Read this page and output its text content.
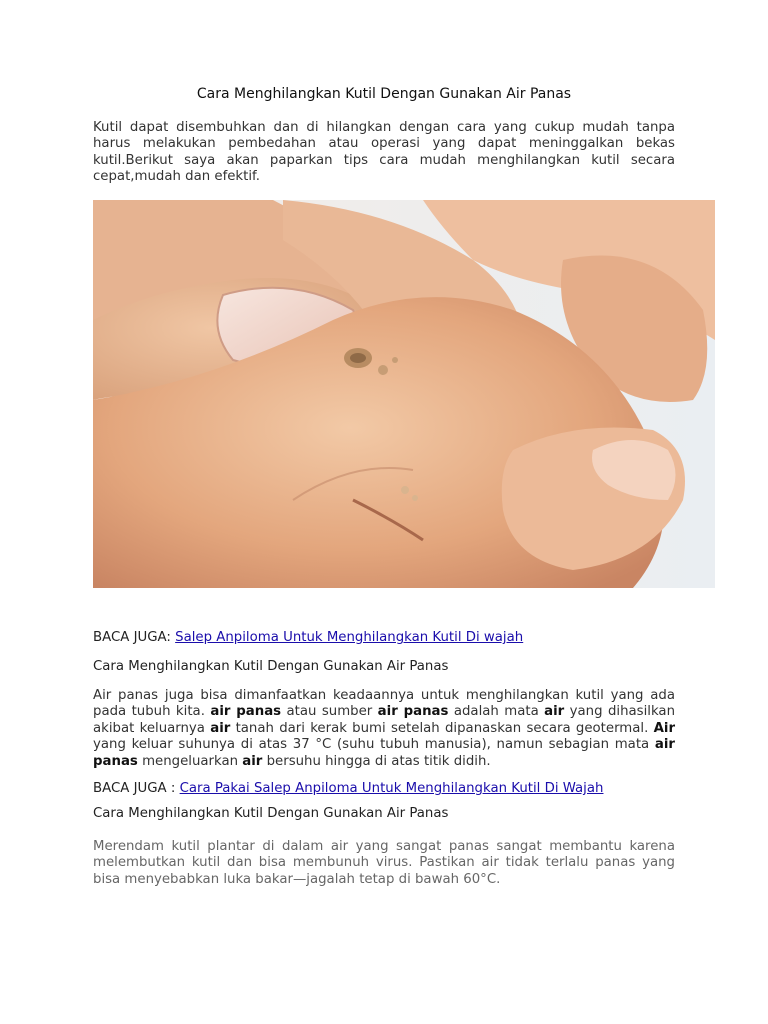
Cara Menghilangkan Kutil Dengan Gunakan Air Panas

Kutil dapat disembuhkan dan di hilangkan dengan cara yang cukup mudah tanpa harus melakukan pembedahan atau operasi yang dapat meninggalkan bekas kutil.Berikut saya akan paparkan tips cara mudah menghilangkan kutil secara cepat,mudah dan efektif.

BACA JUGA: Salep Anpiloma Untuk Menghilangkan Kutil Di wajah
Cara Menghilangkan Kutil Dengan Gunakan Air Panas

Air panas juga bisa dimanfaatkan keadaannya untuk menghilangkan kutil yang ada pada tubuh kita. air panas atau sumber air panas adalah mata air yang dihasilkan akibat keluarnya air tanah dari kerak bumi setelah dipanaskan secara geotermal. Air yang keluar suhunya di atas 37 °C (suhu tubuh manusia), namun sebagian mata air panas mengeluarkan air bersuhu hingga di atas titik didih.

BACA JUGA : Cara Pakai Salep Anpiloma Untuk Menghilangkan Kutil Di Wajah
Cara Menghilangkan Kutil Dengan Gunakan Air Panas

Merendam kutil plantar di dalam air yang sangat panas sangat membantu karena melembutkan kutil dan bisa membunuh virus. Pastikan air tidak terlalu panas yang bisa menyebabkan luka bakar—jagalah tetap di bawah 60°C.
